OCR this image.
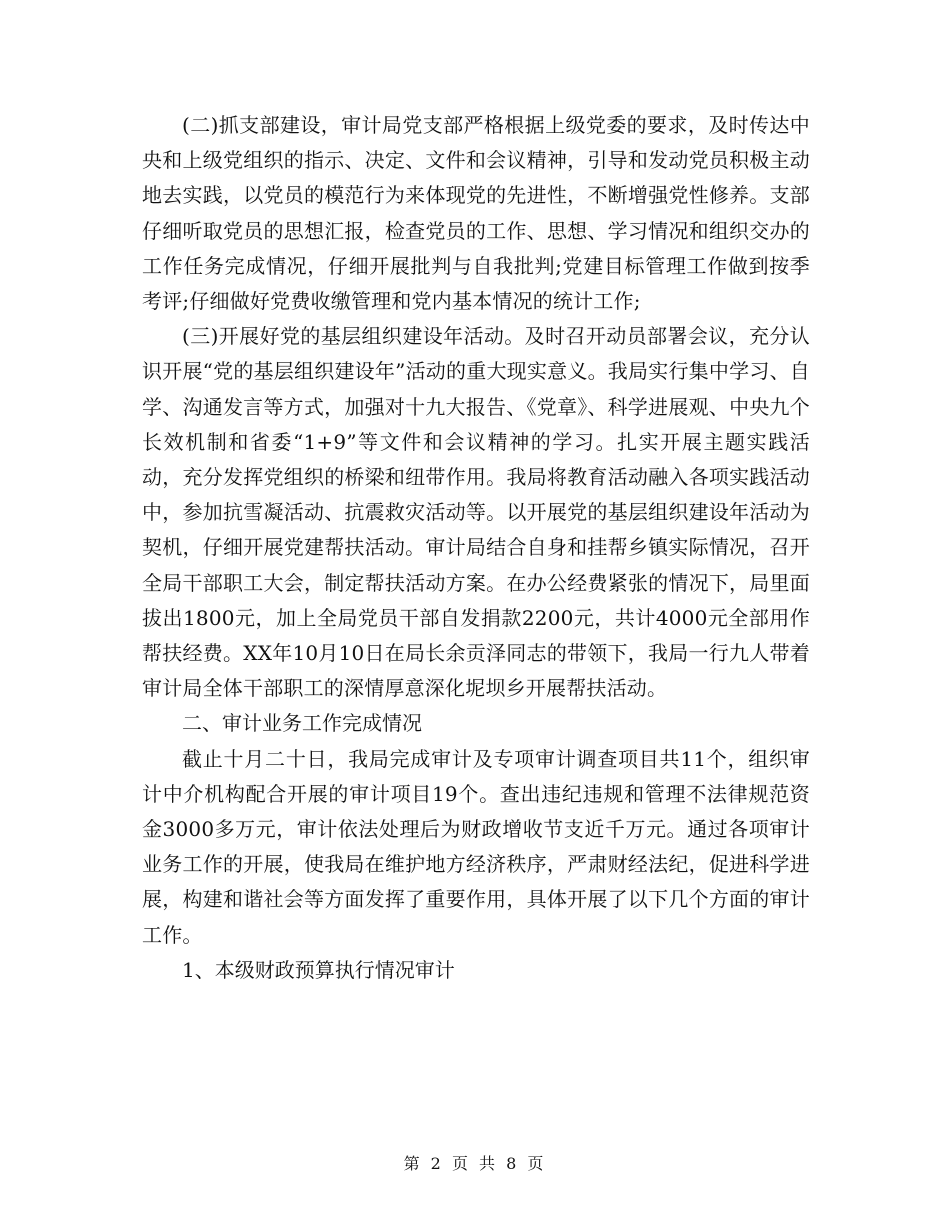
(二)抓支部建设，审计局党支部严格根据上级党委的要求，及时传达中央和上级党组织的指示、决定、文件和会议精神，引导和发动党员积极主动地去实践，以党员的模范行为来体现党的先进性，不断增强党性修养。支部仔细听取党员的思想汇报，检查党员的工作、思想、学习情况和组织交办的工作任务完成情况，仔细开展批判与自我批判;党建目标管理工作做到按季考评;仔细做好党费收缴管理和党内基本情况的统计工作;

(三)开展好党的基层组织建设年活动。及时召开动员部署会议，充分认识开展“党的基层组织建设年”活动的重大现实意义。我局实行集中学习、自学、沟通发言等方式，加强对十九大报告、《党章》、科学进展观、中央九个长效机制和省委“1+9”等文件和会议精神的学习。扎实开展主题实践活动，充分发挥党组织的桥梁和纽带作用。我局将教育活动融入各项实践活动中，参加抗雪凝活动、抗震救灾活动等。以开展党的基层组织建设年活动为契机，仔细开展党建帮扶活动。审计局结合自身和挂帮乡镇实际情况，召开全局干部职工大会，制定帮扶活动方案。在办公经费紧张的情况下，局里面拔出1800元，加上全局党员干部自发捐款2200元，共计4000元全部用作帮扶经费。XX年10月10日在局长余贡泽同志的带领下，我局一行九人带着审计局全体干部职工的深情厚意深化坭坝乡开展帮扶活动。

二、审计业务工作完成情况

截止十月二十日，我局完成审计及专项审计调查项目共11个，组织审计中介机构配合开展的审计项目19个。查出违纪违规和管理不法律规范资金3000多万元，审计依法处理后为财政增收节支近千万元。通过各项审计业务工作的开展，使我局在维护地方经济秩序，严肃财经法纪，促进科学进展，构建和谐社会等方面发挥了重要作用，具体开展了以下几个方面的审计工作。

1、本级财政预算执行情况审计

第 2 页 共 8 页
